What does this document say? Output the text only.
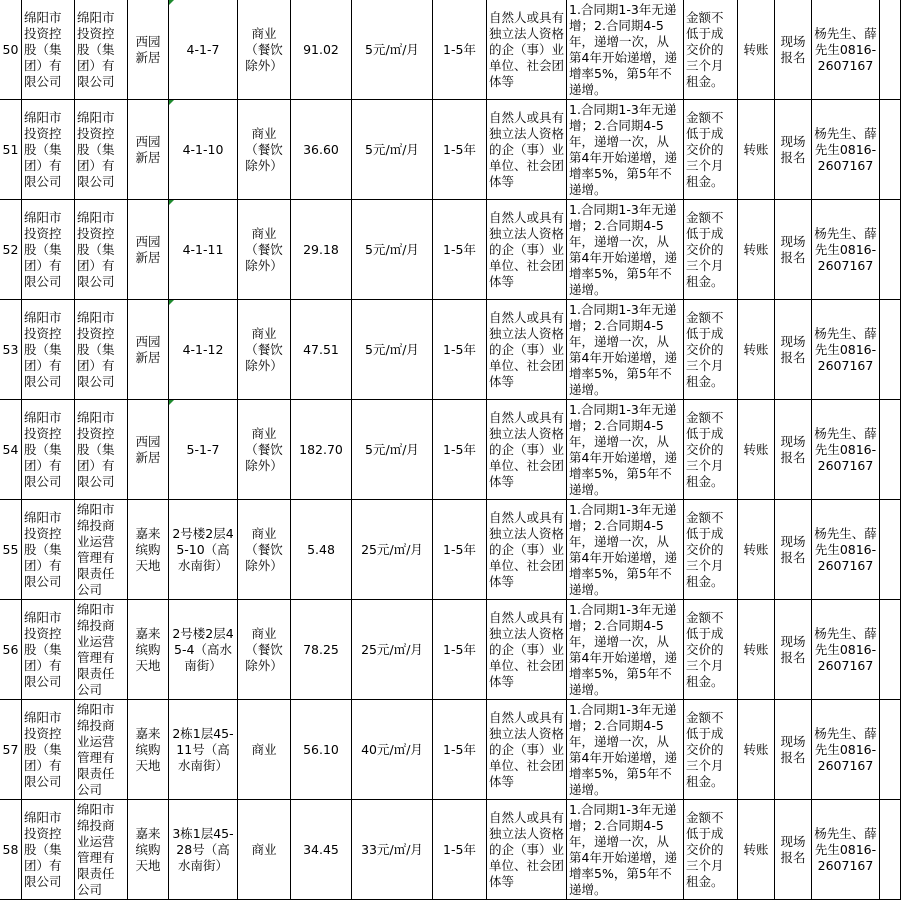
50	绵阳市投资控股（集团）有限公司	绵阳市投资控股（集团）有限公司	西园新居	4-1-7	商业（餐饮除外）	91.02	5元/㎡/月	1-5年	自然人或具有独立法人资格的企（事）业单位、社会团体等	1.合同期1-3年无递增；2.合同期4-5年，递增一次，从第4年开始递增，递增率5%，第5年不递增。	金额不低于成交价的三个月租金。	转账	现场报名	杨先生、薛先生0816-2607167	
51	绵阳市投资控股（集团）有限公司	绵阳市投资控股（集团）有限公司	西园新居	4-1-10	商业（餐饮除外）	36.60	5元/㎡/月	1-5年	自然人或具有独立法人资格的企（事）业单位、社会团体等	1.合同期1-3年无递增；2.合同期4-5年，递增一次，从第4年开始递增，递增率5%，第5年不递增。	金额不低于成交价的三个月租金。	转账	现场报名	杨先生、薛先生0816-2607167	
52	绵阳市投资控股（集团）有限公司	绵阳市投资控股（集团）有限公司	西园新居	4-1-11	商业（餐饮除外）	29.18	5元/㎡/月	1-5年	自然人或具有独立法人资格的企（事）业单位、社会团体等	1.合同期1-3年无递增；2.合同期4-5年，递增一次，从第4年开始递增，递增率5%，第5年不递增。	金额不低于成交价的三个月租金。	转账	现场报名	杨先生、薛先生0816-2607167	
53	绵阳市投资控股（集团）有限公司	绵阳市投资控股（集团）有限公司	西园新居	4-1-12	商业（餐饮除外）	47.51	5元/㎡/月	1-5年	自然人或具有独立法人资格的企（事）业单位、社会团体等	1.合同期1-3年无递增；2.合同期4-5年，递增一次，从第4年开始递增，递增率5%，第5年不递增。	金额不低于成交价的三个月租金。	转账	现场报名	杨先生、薛先生0816-2607167	
54	绵阳市投资控股（集团）有限公司	绵阳市投资控股（集团）有限公司	西园新居	5-1-7	商业（餐饮除外）	182.70	5元/㎡/月	1-5年	自然人或具有独立法人资格的企（事）业单位、社会团体等	1.合同期1-3年无递增；2.合同期4-5年，递增一次，从第4年开始递增，递增率5%，第5年不递增。	金额不低于成交价的三个月租金。	转账	现场报名	杨先生、薛先生0816-2607167	
55	绵阳市投资控股（集团）有限公司	绵阳市绵投商业运营管理有限责任公司	嘉来缤购天地	2号楼2层45-10（高水南街）	商业（餐饮除外）	5.48	25元/㎡/月	1-5年	自然人或具有独立法人资格的企（事）业单位、社会团体等	1.合同期1-3年无递增；2.合同期4-5年，递增一次，从第4年开始递增，递增率5%，第5年不递增。	金额不低于成交价的三个月租金。	转账	现场报名	杨先生、薛先生0816-2607167	
56	绵阳市投资控股（集团）有限公司	绵阳市绵投商业运营管理有限责任公司	嘉来缤购天地	2号楼2层45-4（高水南街）	商业（餐饮除外）	78.25	25元/㎡/月	1-5年	自然人或具有独立法人资格的企（事）业单位、社会团体等	1.合同期1-3年无递增；2.合同期4-5年，递增一次，从第4年开始递增，递增率5%，第5年不递增。	金额不低于成交价的三个月租金。	转账	现场报名	杨先生、薛先生0816-2607167	
57	绵阳市投资控股（集团）有限公司	绵阳市绵投商业运营管理有限责任公司	嘉来缤购天地	2栋1层45-11号（高水南街）	商业	56.10	40元/㎡/月	1-5年	自然人或具有独立法人资格的企（事）业单位、社会团体等	1.合同期1-3年无递增；2.合同期4-5年，递增一次，从第4年开始递增，递增率5%，第5年不递增。	金额不低于成交价的三个月租金。	转账	现场报名	杨先生、薛先生0816-2607167	
58	绵阳市投资控股（集团）有限公司	绵阳市绵投商业运营管理有限责任公司	嘉来缤购天地	3栋1层45-28号（高水南街）	商业	34.45	33元/㎡/月	1-5年	自然人或具有独立法人资格的企（事）业单位、社会团体等	1.合同期1-3年无递增；2.合同期4-5年，递增一次，从第4年开始递增，递增率5%，第5年不递增。	金额不低于成交价的三个月租金。	转账	现场报名	杨先生、薛先生0816-2607167	
